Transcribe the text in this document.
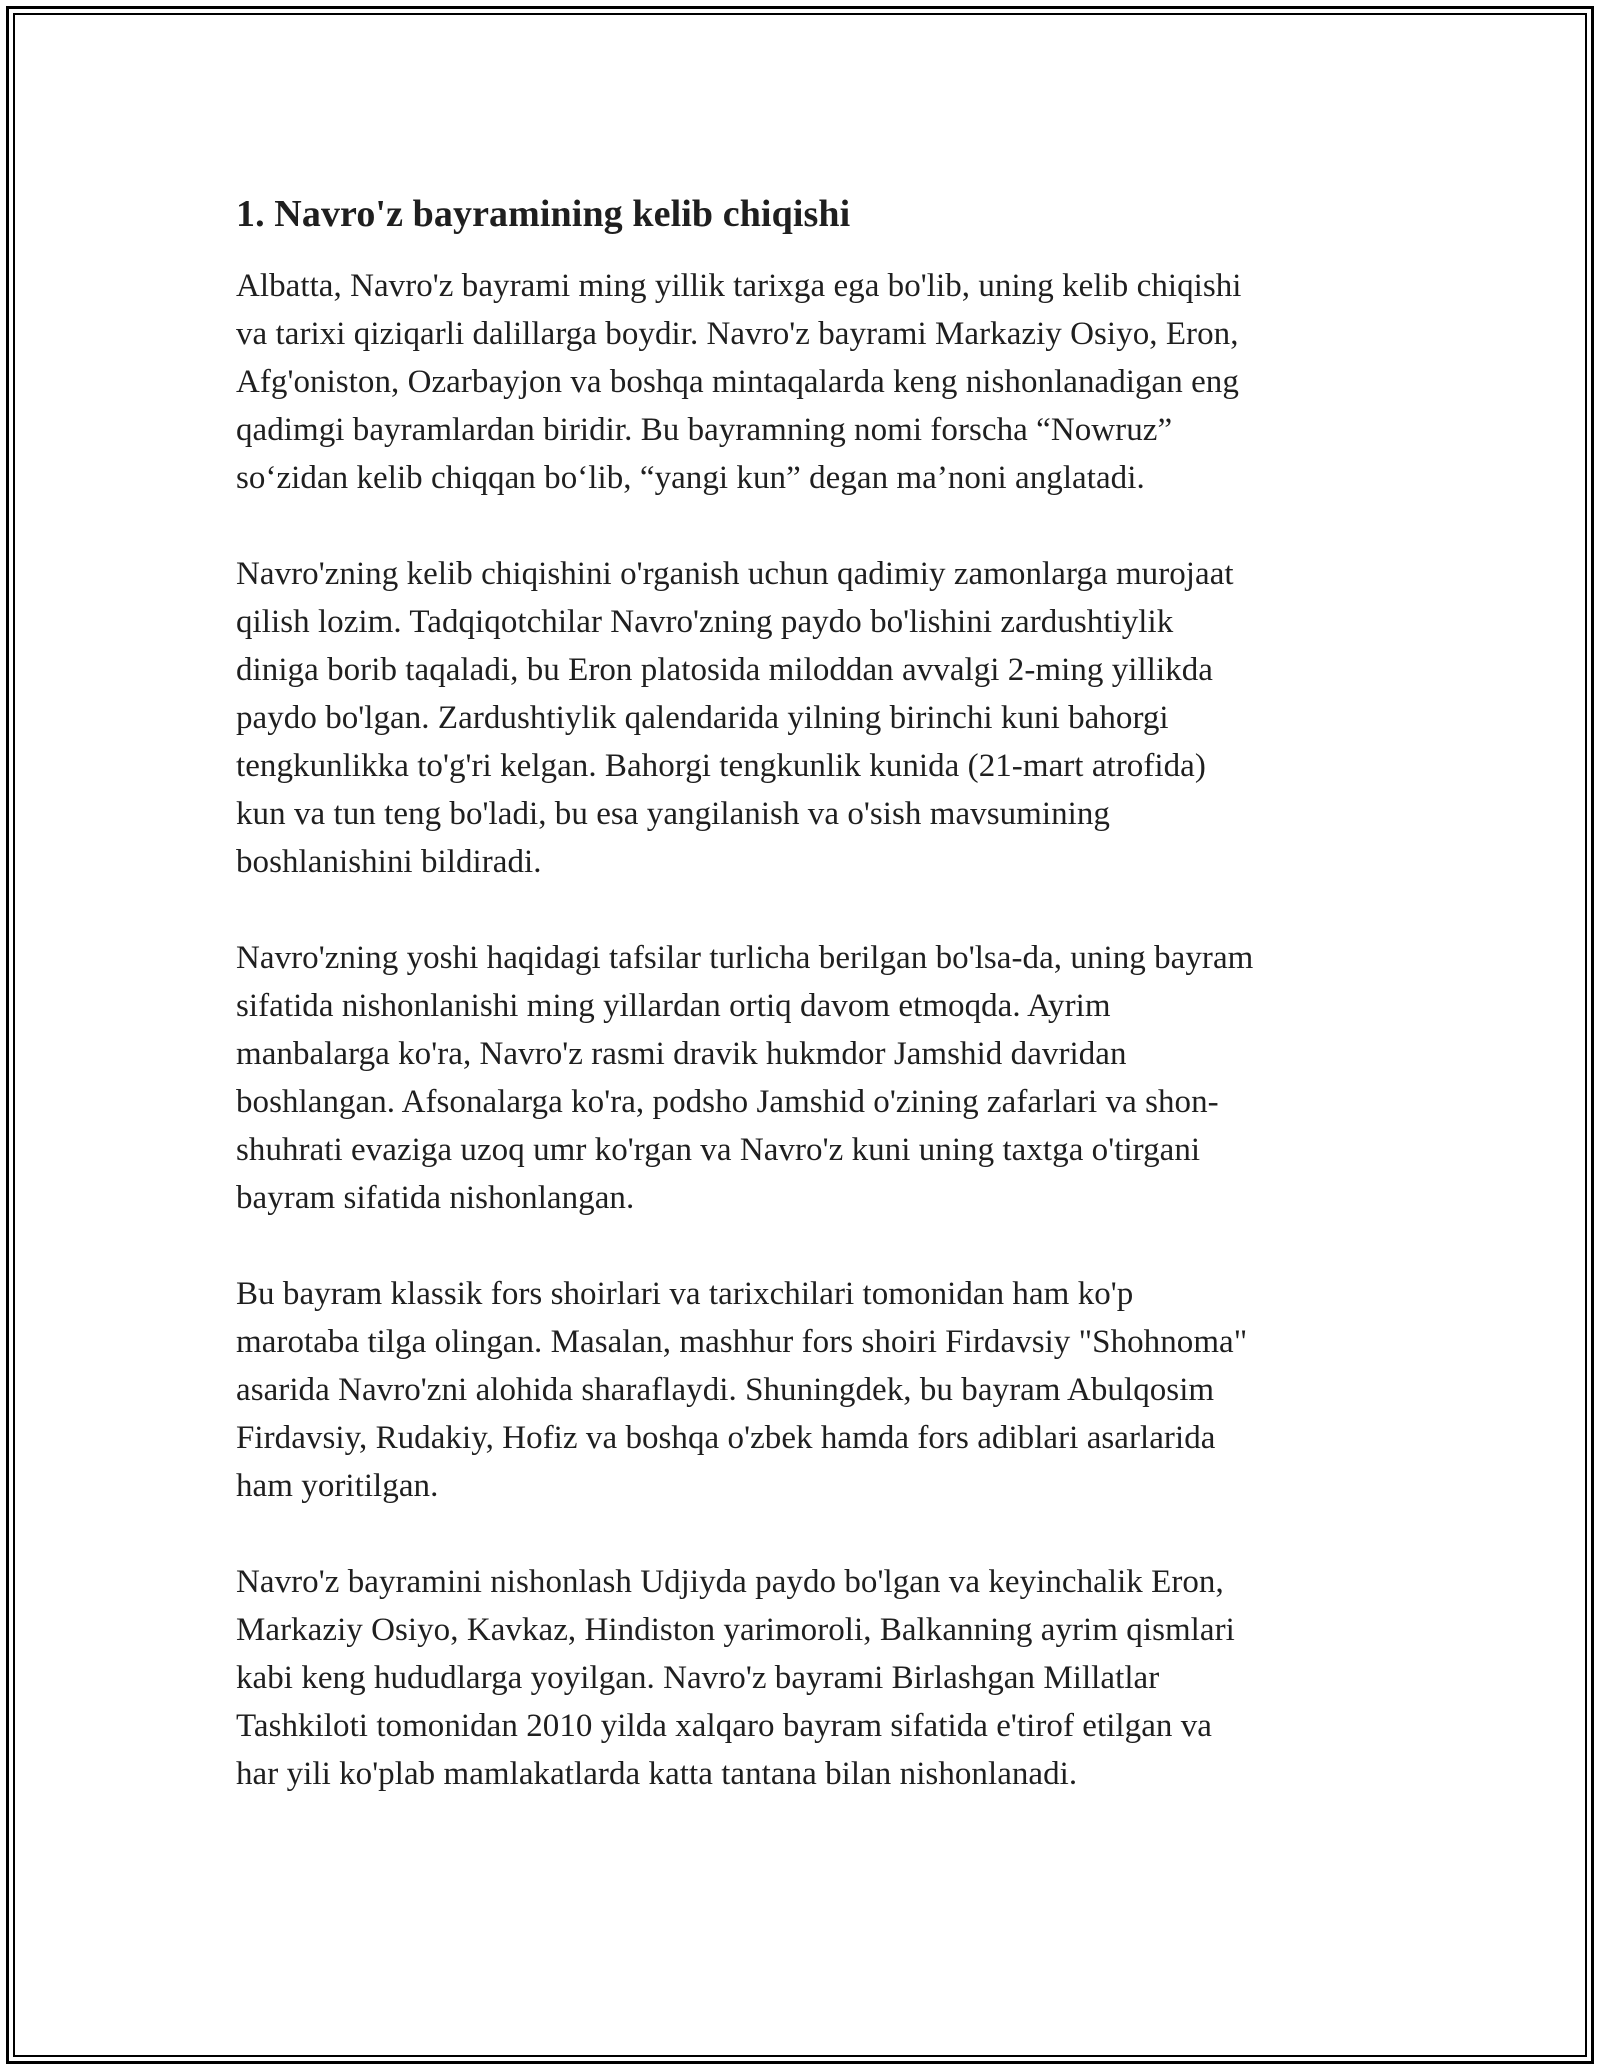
1. Navro'z bayramining kelib chiqishi

Albatta, Navro'z bayrami ming yillik tarixga ega bo'lib, uning kelib chiqishi
va tarixi qiziqarli dalillarga boydir. Navro'z bayrami Markaziy Osiyo, Eron,
Afg'oniston, Ozarbayjon va boshqa mintaqalarda keng nishonlanadigan eng
qadimgi bayramlardan biridir. Bu bayramning nomi forscha “Nowruz”
so‘zidan kelib chiqqan bo‘lib, “yangi kun” degan ma’noni anglatadi.

Navro'zning kelib chiqishini o'rganish uchun qadimiy zamonlarga murojaat
qilish lozim. Tadqiqotchilar Navro'zning paydo bo'lishini zardushtiylik
diniga borib taqaladi, bu Eron platosida miloddan avvalgi 2-ming yillikda
paydo bo'lgan. Zardushtiylik qalendarida yilning birinchi kuni bahorgi
tengkunlikka to'g'ri kelgan. Bahorgi tengkunlik kunida (21-mart atrofida)
kun va tun teng bo'ladi, bu esa yangilanish va o'sish mavsumining
boshlanishini bildiradi.

Navro'zning yoshi haqidagi tafsilar turlicha berilgan bo'lsa-da, uning bayram
sifatida nishonlanishi ming yillardan ortiq davom etmoqda. Ayrim
manbalarga ko'ra, Navro'z rasmi dravik hukmdor Jamshid davridan
boshlangan. Afsonalarga ko'ra, podsho Jamshid o'zining zafarlari va shon-
shuhrati evaziga uzoq umr ko'rgan va Navro'z kuni uning taxtga o'tirgani
bayram sifatida nishonlangan.

Bu bayram klassik fors shoirlari va tarixchilari tomonidan ham ko'p
marotaba tilga olingan. Masalan, mashhur fors shoiri Firdavsiy "Shohnoma"
asarida Navro'zni alohida sharaflaydi. Shuningdek, bu bayram Abulqosim
Firdavsiy, Rudakiy, Hofiz va boshqa o'zbek hamda fors adiblari asarlarida
ham yoritilgan.

Navro'z bayramini nishonlash Udjiyda paydo bo'lgan va keyinchalik Eron,
Markaziy Osiyo, Kavkaz, Hindiston yarimoroli, Balkanning ayrim qismlari
kabi keng hududlarga yoyilgan. Navro'z bayrami Birlashgan Millatlar
Tashkiloti tomonidan 2010 yilda xalqaro bayram sifatida e'tirof etilgan va
har yili ko'plab mamlakatlarda katta tantana bilan nishonlanadi.
